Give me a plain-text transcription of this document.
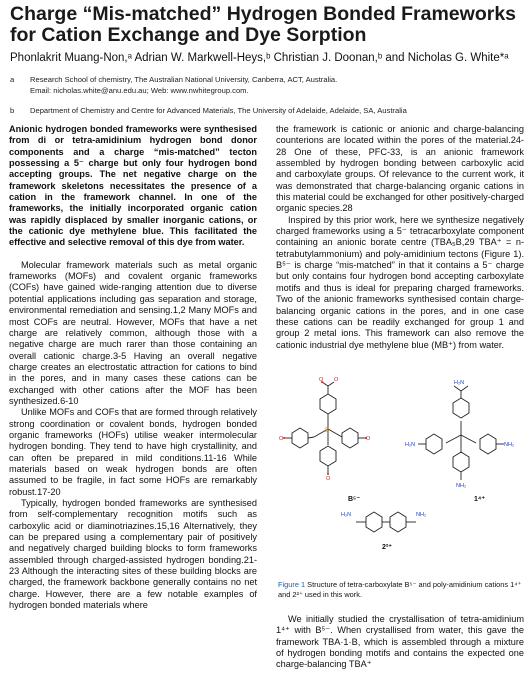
Charge “Mis-matched” Hydrogen Bonded Frameworks for Cation Exchange and Dye Sorption
Phonlakrit Muang-Non,ᵃ Adrian W. Markwell-Heys,ᵇ Christian J. Doonan,ᵇ and Nicholas G. White*ᵃ
a Research School of chemistry, The Australian National University, Canberra, ACT, Australia.
Email: nicholas.white@anu.edu.au; Web: www.nwhitegroup.com.
b Department of Chemistry and Centre for Advanced Materials, The University of Adelaide, Adelaide, SA, Australia

Anionic hydrogen bonded frameworks were synthesised from di or tetra-amidinium hydrogen bond donor components and a charge “mis-matched” tecton possessing a 5⁻ charge but only four hydrogen bond accepting groups. The net negative charge on the framework skeletons necessitates the presence of a cation in the framework channel. In one of the frameworks, the initially incorporated organic cation was rapidly displaced by smaller inorganic cations, or the cationic dye methylene blue. This facilitated the effective and selective removal of this dye from water.

Molecular framework materials such as metal organic frameworks (MOFs) and covalent organic frameworks (COFs) have gained wide-ranging attention due to diverse potential applications including gas separation and storage, environmental remediation and sensing.1,2 Many MOFs and most COFs are neutral. However, MOFs that have a net charge are relatively common, although those with a negative charge are much rarer than those containing an overall cationic charge.3-5 Having an overall negative charge creates an electrostatic attraction for cations to bind in the pores, and in many cases these cations can be exchanged with other cations after the MOF has been synthesized.6-10

Unlike MOFs and COFs that are formed through relatively strong coordination or covalent bonds, hydrogen bonded organic frameworks (HOFs) utilise weaker intermolecular hydrogen bonding. They tend to have high crystallinity, and can often be prepared in mild conditions.11-16 While materials based on weak hydrogen bonds are often assumed to be fragile, in fact some HOFs are remarkably robust.17-20

Typically, hydrogen bonded frameworks are synthesised from self-complementary recognition motifs such as carboxylic acid or diaminotriazines.15,16 Alternatively, they can be prepared using a complementary pair of positively and negatively charged building blocks to form frameworks assembled through charged-assisted hydrogen bonding.21-23 Although the interacting sites of these building blocks are charged, the framework backbone generally contains no net charge. However, there are a few notable examples of hydrogen bonded materials where

the framework is cationic or anionic and charge-balancing counterions are located within the pores of the material.24-28 One of these, PFC-33, is an anionic framework assembled by hydrogen bonding between carboxylic acid and carboxylate groups. Of relevance to the current work, it was demonstrated that charge-balancing organic cations in this material could be exchanged for other positively-charged organic species.28

Inspired by this prior work, here we synthesize negatively charged frameworks using a 5⁻ tetracarboxylate component containing an anionic borate centre (TBA₅B,29 TBA⁺ = n-tetrabutylammonium) and poly-amidinium tectons (Figure 1). B⁵⁻ is charge “mis-matched” in that it contains a 5⁻ charge but only contains four hydrogen bond accepting carboxylate motifs and thus is ideal for preparing charged frameworks. Two of the anionic frameworks synthesised contain charge-balancing organic cations in the pores, and in one case these cations can be readily exchanged for group 1 and group 2 metal ions. This framework can also remove the cationic industrial dye methylene blue (MB⁺) from water.

O O
O	O
O
B
H₂N
H₂N	NH₂
NH₂
H₂N	NH₂
B⁵⁻	1⁴⁺
2²⁺
Figure 1 Structure of tetra-carboxylate B⁵⁻ and poly-amidinium cations 1⁴⁺ and 2²⁺ used in this work.

We initially studied the crystallisation of tetra-amidinium 1⁴⁺ with B⁵⁻. When crystallised from water, this gave the framework TBA·1·B, which is assembled through a mixture of hydrogen bonding motifs and contains the expected one charge-balancing TBA⁺
